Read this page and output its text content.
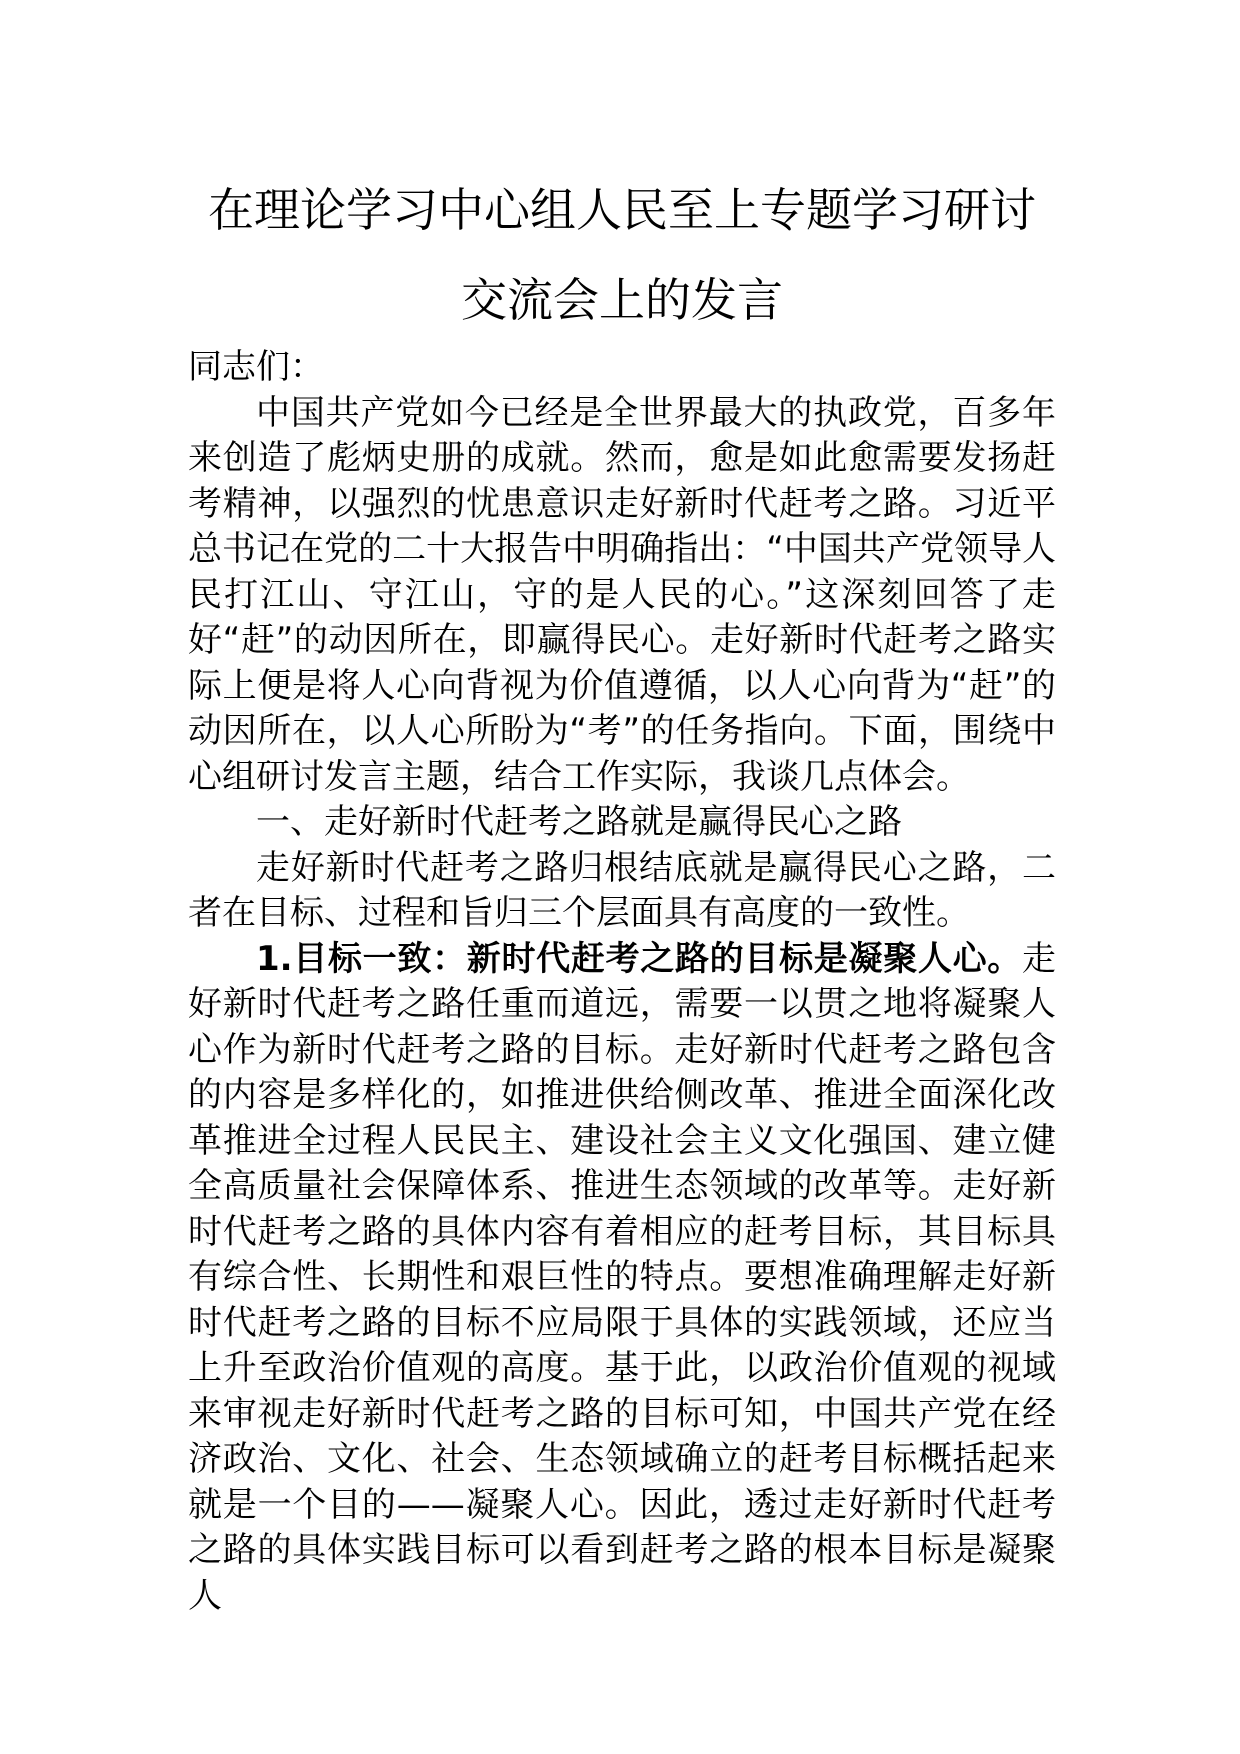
在理论学习中心组人民至上专题学习研讨
交流会上的发言

同志们：

中国共产党如今已经是全世界最大的执政党，百多年来创造了彪炳史册的成就。然而，愈是如此愈需要发扬赶考精神，以强烈的忧患意识走好新时代赶考之路。习近平总书记在党的二十大报告中明确指出：“中国共产党领导人民打江山、守江山，守的是人民的心。”这深刻回答了走好“赶”的动因所在，即赢得民心。走好新时代赶考之路实际上便是将人心向背视为价值遵循，以人心向背为“赶”的动因所在，以人心所盼为“考”的任务指向。下面，围绕中心组研讨发言主题，结合工作实际，我谈几点体会。

一、走好新时代赶考之路就是赢得民心之路

走好新时代赶考之路归根结底就是赢得民心之路，二者在目标、过程和旨归三个层面具有高度的一致性。

1.目标一致：新时代赶考之路的目标是凝聚人心。走好新时代赶考之路任重而道远，需要一以贯之地将凝聚人心作为新时代赶考之路的目标。走好新时代赶考之路包含的内容是多样化的，如推进供给侧改革、推进全面深化改革推进全过程人民民主、建设社会主义文化强国、建立健全高质量社会保障体系、推进生态领域的改革等。走好新时代赶考之路的具体内容有着相应的赶考目标，其目标具有综合性、长期性和艰巨性的特点。要想准确理解走好新时代赶考之路的目标不应局限于具体的实践领域，还应当上升至政治价值观的高度。基于此，以政治价值观的视域来审视走好新时代赶考之路的目标可知，中国共产党在经济政治、文化、社会、生态领域确立的赶考目标概括起来就是一个目的——凝聚人心。因此，透过走好新时代赶考之路的具体实践目标可以看到赶考之路的根本目标是凝聚人
